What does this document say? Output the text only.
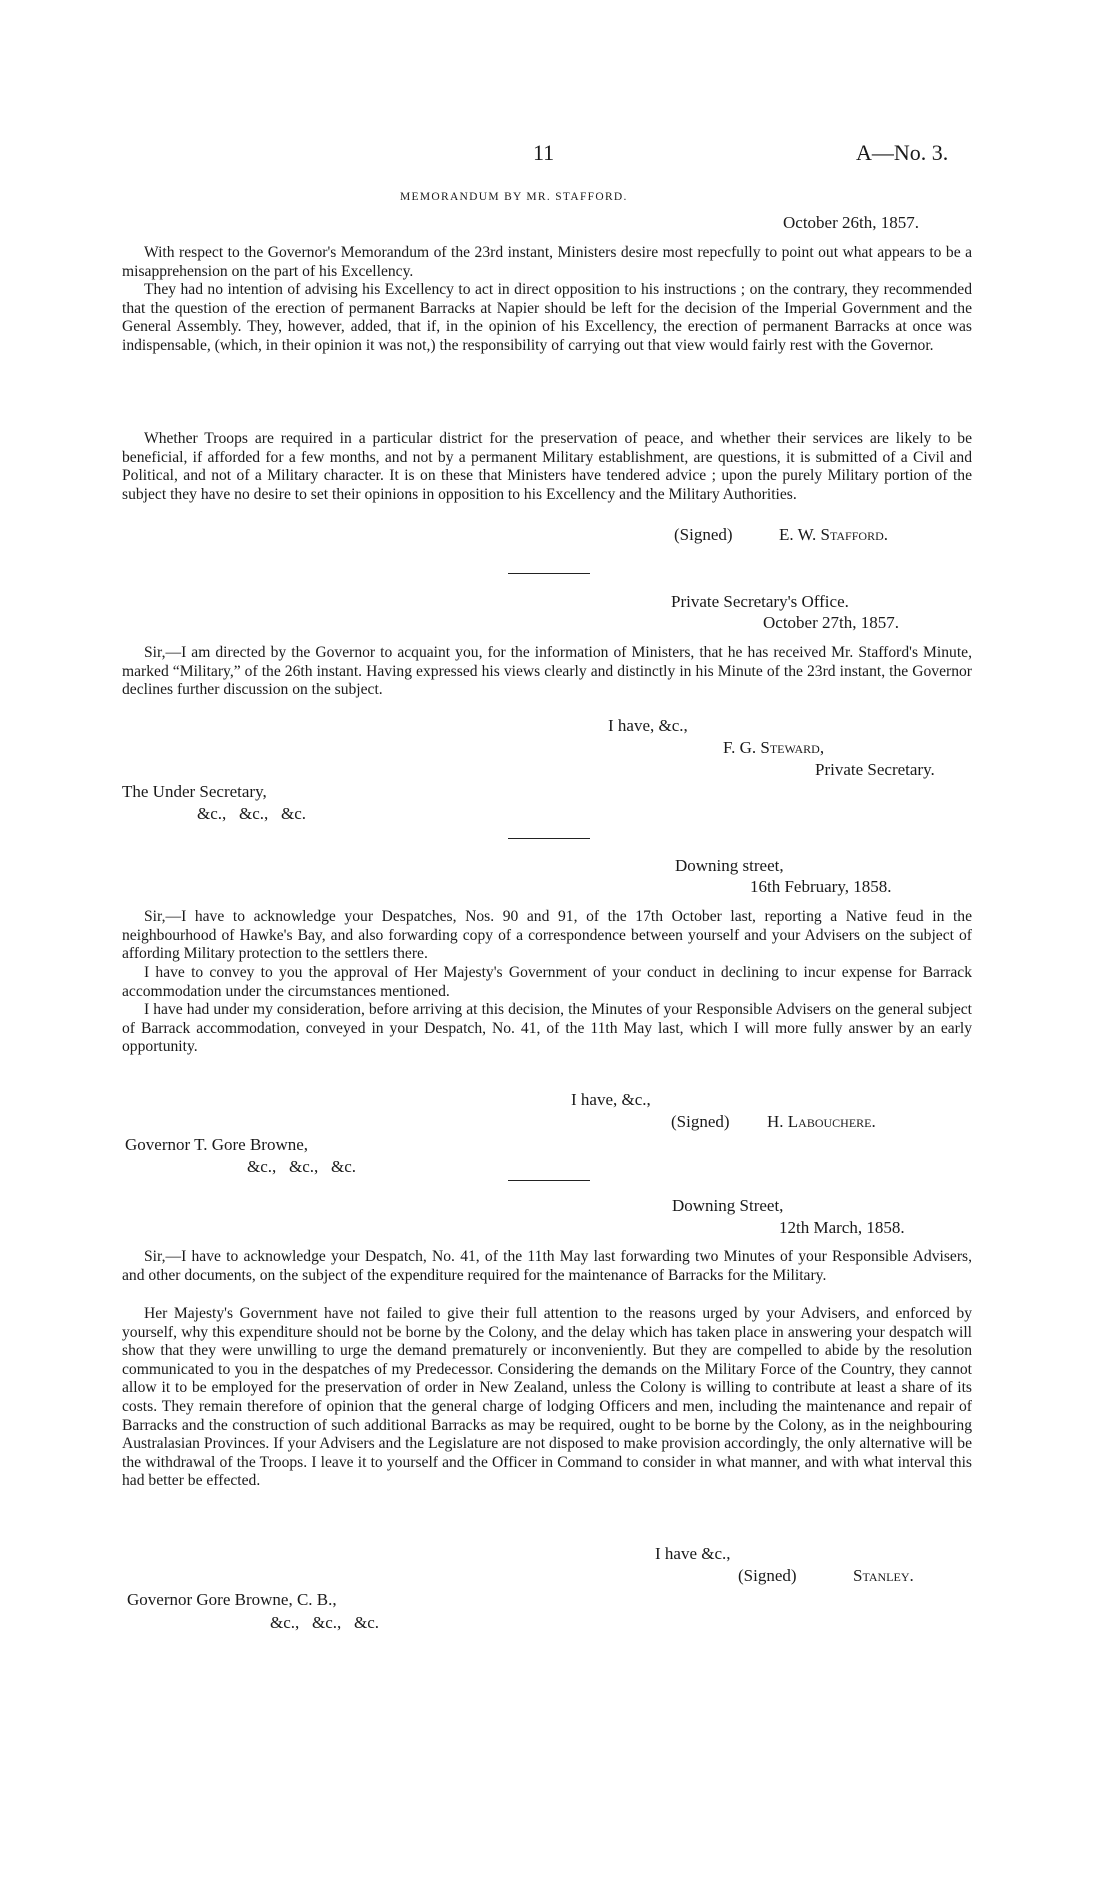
11	A—No. 3.
MEMORANDUM BY MR. STAFFORD.
October 26th, 1857.
With respect to the Governor's Memorandum of the 23rd instant, Ministers desire most repecfully to point out what appears to be a misapprehension on the part of his Excellency.
They had no intention of advising his Excellency to act in direct opposition to his instructions ; on the contrary, they recommended that the question of the erection of permanent Barracks at Napier should be left for the decision of the Imperial Government and the General Assembly. They, however, added, that if, in the opinion of his Excellency, the erection of permanent Barracks at once was indispensable, (which, in their opinion it was not,) the responsibility of carrying out that view would fairly rest with the Governor.
Whether Troops are required in a particular district for the preservation of peace, and whether their services are likely to be beneficial, if afforded for a few months, and not by a permanent Military establishment, are questions, it is submitted of a Civil and Political, and not of a Military character. It is on these that Ministers have tendered advice ; upon the purely Military portion of the subject they have no desire to set their opinions in opposition to his Excellency and the Military Authorities.
(Signed)	E. W. Stafford.
Private Secretary's Office.
October 27th, 1857.
Sir,—I am directed by the Governor to acquaint you, for the information of Ministers, that he has received Mr. Stafford's Minute, marked “Military,” of the 26th instant. Having expressed his views clearly and distinctly in his Minute of the 23rd instant, the Governor declines further discussion on the subject.
I have, &c.,
F. G. Steward,
Private Secretary.
The Under Secretary,
&c.,   &c.,   &c.
Downing street,
16th February, 1858.
Sir,—I have to acknowledge your Despatches, Nos. 90 and 91, of the 17th October last, reporting a Native feud in the neighbourhood of Hawke's Bay, and also forwarding copy of a correspondence between yourself and your Advisers on the subject of affording Military protection to the settlers there.
I have to convey to you the approval of Her Majesty's Government of your conduct in declining to incur expense for Barrack accommodation under the circumstances mentioned.
I have had under my consideration, before arriving at this decision, the Minutes of your Responsible Advisers on the general subject of Barrack accommodation, conveyed in your Despatch, No. 41, of the 11th May last, which I will more fully answer by an early opportunity.
I have, &c.,
(Signed) H. Labouchere.
Governor T. Gore Browne,
&c.,   &c.,   &c.
Downing Street,
12th March, 1858.
Sir,—I have to acknowledge your Despatch, No. 41, of the 11th May last forwarding two Minutes of your Responsible Advisers, and other documents, on the subject of the expenditure required for the maintenance of Barracks for the Military.
Her Majesty's Government have not failed to give their full attention to the reasons urged by your Advisers, and enforced by yourself, why this expenditure should not be borne by the Colony, and the delay which has taken place in answering your despatch will show that they were unwilling to urge the demand prematurely or inconveniently. But they are compelled to abide by the resolution communicated to you in the despatches of my Predecessor. Considering the demands on the Military Force of the Country, they cannot allow it to be employed for the preservation of order in New Zealand, unless the Colony is willing to contribute at least a share of its costs. They remain therefore of opinion that the general charge of lodging Officers and men, including the maintenance and repair of Barracks and the construction of such additional Barracks as may be required, ought to be borne by the Colony, as in the neighbouring Australasian Provinces. If your Advisers and the Legislature are not disposed to make provision accordingly, the only alternative will be the withdrawal of the Troops. I leave it to yourself and the Officer in Command to consider in what manner, and with what interval this had better be effected.
I have &c.,
(Signed)	Stanley.
Governor Gore Browne, C. B.,
&c.,   &c.,   &c.
